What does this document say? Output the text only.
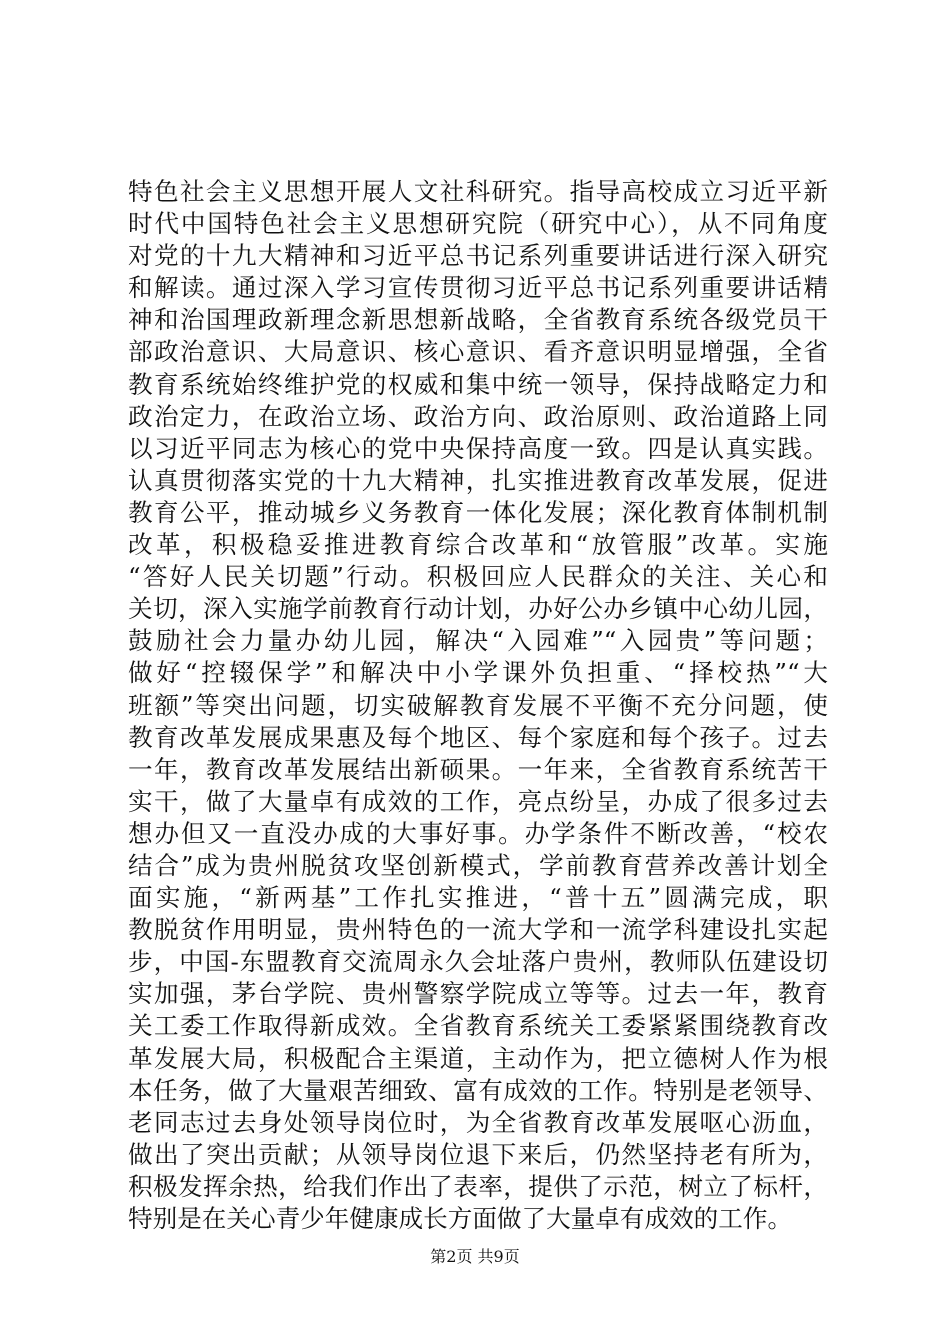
特色社会主义思想开展人文社科研究。指导高校成立习近平新
时代中国特色社会主义思想研究院（研究中心），从不同角度
对党的十九大精神和习近平总书记系列重要讲话进行深入研究
和解读。通过深入学习宣传贯彻习近平总书记系列重要讲话精
神和治国理政新理念新思想新战略，全省教育系统各级党员干
部政治意识、大局意识、核心意识、看齐意识明显增强，全省
教育系统始终维护党的权威和集中统一领导，保持战略定力和
政治定力，在政治立场、政治方向、政治原则、政治道路上同
以习近平同志为核心的党中央保持高度一致。四是认真实践。
认真贯彻落实党的十九大精神，扎实推进教育改革发展，促进
教育公平，推动城乡义务教育一体化发展；深化教育体制机制
改革，积极稳妥推进教育综合改革和“放管服”改革。实施
“答好人民关切题”行动。积极回应人民群众的关注、关心和
关切，深入实施学前教育行动计划，办好公办乡镇中心幼儿园，
鼓励社会力量办幼儿园，解决“入园难”“入园贵”等问题；
做好“控辍保学”和解决中小学课外负担重、“择校热”“大
班额”等突出问题，切实破解教育发展不平衡不充分问题，使
教育改革发展成果惠及每个地区、每个家庭和每个孩子。过去
一年，教育改革发展结出新硕果。一年来，全省教育系统苦干
实干，做了大量卓有成效的工作，亮点纷呈，办成了很多过去
想办但又一直没办成的大事好事。办学条件不断改善，“校农
结合”成为贵州脱贫攻坚创新模式，学前教育营养改善计划全
面实施，“新两基”工作扎实推进，“普十五”圆满完成，职
教脱贫作用明显，贵州特色的一流大学和一流学科建设扎实起
步，中国-东盟教育交流周永久会址落户贵州，教师队伍建设切
实加强，茅台学院、贵州警察学院成立等等。过去一年，教育
关工委工作取得新成效。全省教育系统关工委紧紧围绕教育改
革发展大局，积极配合主渠道，主动作为，把立德树人作为根
本任务，做了大量艰苦细致、富有成效的工作。特别是老领导、
老同志过去身处领导岗位时，为全省教育改革发展呕心沥血，
做出了突出贡献；从领导岗位退下来后，仍然坚持老有所为，
积极发挥余热，给我们作出了表率，提供了示范，树立了标杆，
特别是在关心青少年健康成长方面做了大量卓有成效的工作。
第2页 共9页
